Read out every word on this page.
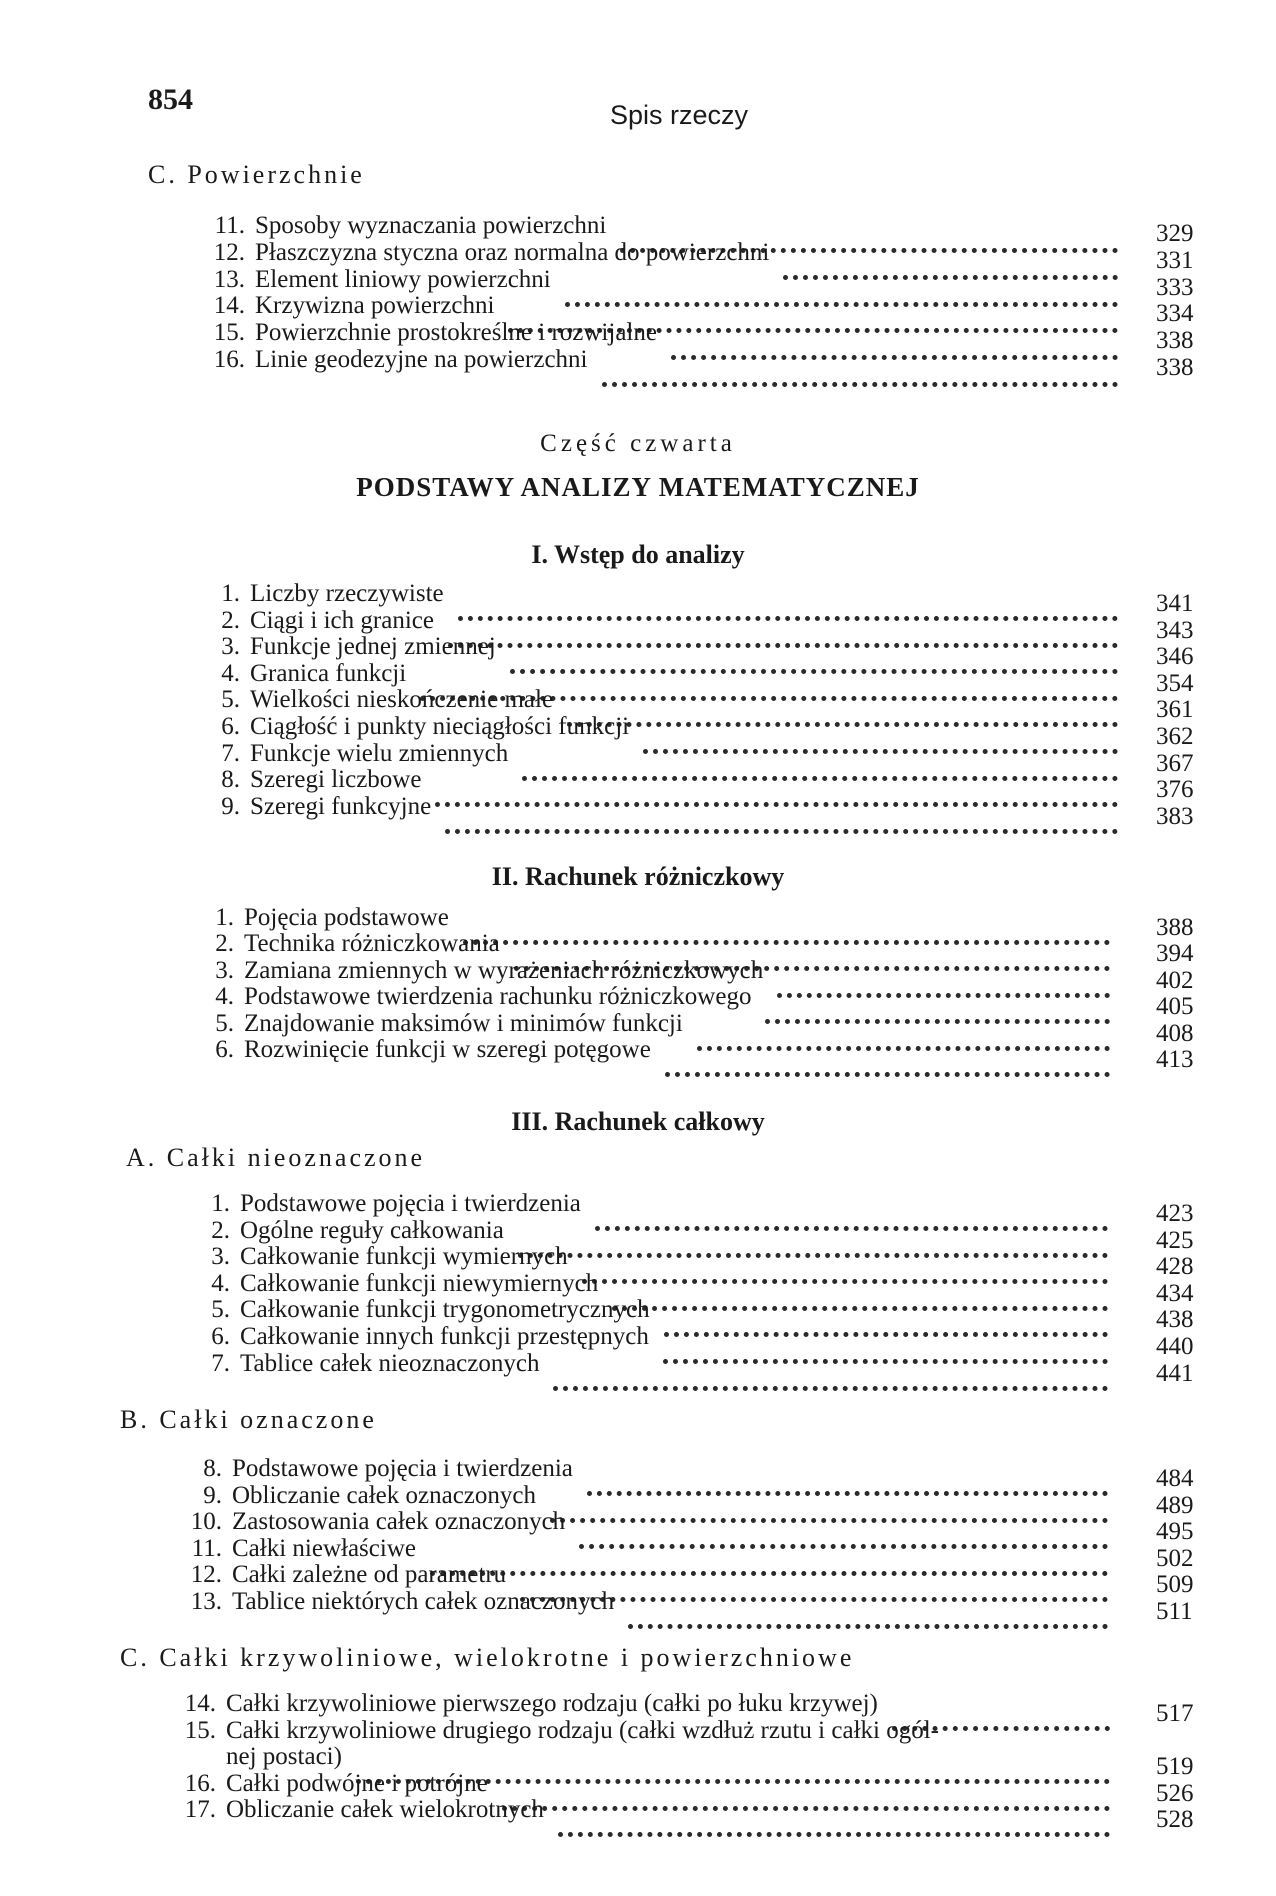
854	Spis rzeczy
C. Powierzchnie
Część czwarta
PODSTAWY ANALIZY MATEMATYCZNEJ
I. Wstęp do analizy
II. Rachunek różniczkowy
III. Rachunek całkowy
A. Całki nieoznaczone
B. Całki oznaczone
C. Całki krzywoliniowe, wielokrotne i powierzchniowe
11. Sposoby wyznaczania powierzchni	329
12. Płaszczyzna styczna oraz normalna do powierzchni	331
13. Element liniowy powierzchni	333
14. Krzywizna powierzchni	334
15. Powierzchnie prostokreślne i rozwijalne	338
16. Linie geodezyjne na powierzchni	338
1. Liczby rzeczywiste	341
2. Ciągi i ich granice	343
3. Funkcje jednej zmiennej	346
4. Granica funkcji	354
5. Wielkości nieskończenie małe	361
6. Ciągłość i punkty nieciągłości funkcji	362
7. Funkcje wielu zmiennych	367
8. Szeregi liczbowe	376
9. Szeregi funkcyjne	383
1. Pojęcia podstawowe	388
2. Technika różniczkowania	394
3. Zamiana zmiennych w wyrażeniach różniczkowych	402
4. Podstawowe twierdzenia rachunku różniczkowego	405
5. Znajdowanie maksimów i minimów funkcji	408
6. Rozwinięcie funkcji w szeregi potęgowe	413
1. Podstawowe pojęcia i twierdzenia	423
2. Ogólne reguły całkowania	425
3. Całkowanie funkcji wymiernych	428
4. Całkowanie funkcji niewymiernych	434
5. Całkowanie funkcji trygonometrycznych	438
6. Całkowanie innych funkcji przestępnych	440
7. Tablice całek nieoznaczonych	441
8. Podstawowe pojęcia i twierdzenia	484
9. Obliczanie całek oznaczonych	489
10. Zastosowania całek oznaczonych	495
11. Całki niewłaściwe	502
12. Całki zależne od parametru	509
13. Tablice niektórych całek oznaczonych	511
14. Całki krzywoliniowe pierwszego rodzaju (całki po łuku krzywej)	517
15. Całki krzywoliniowe drugiego rodzaju (całki wzdłuż rzutu i całki ogól-
nej postaci)	519
16. Całki podwójne i potrójne	526
17. Obliczanie całek wielokrotnych	528
